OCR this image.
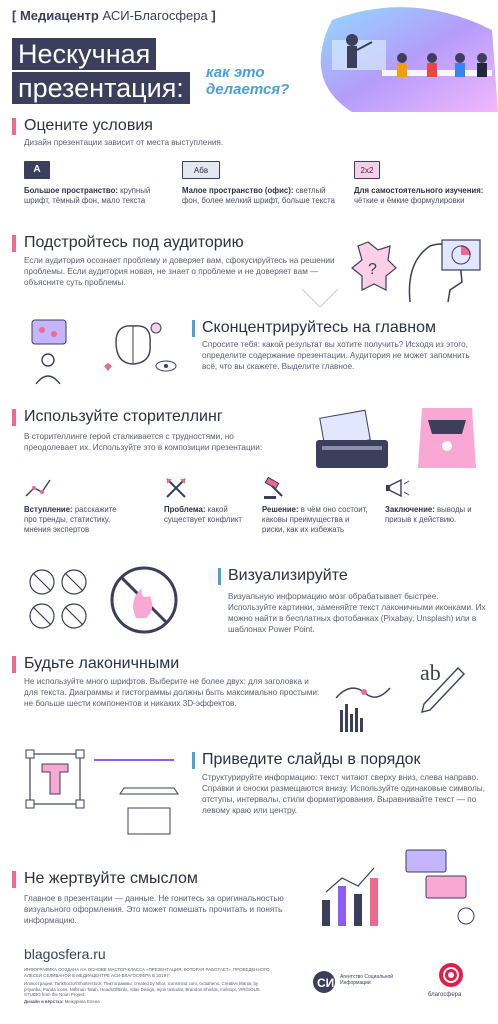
[ Медиацентр АСИ-Благосфера ]
Нескучная
презентация:
как это
делается?
Оцените условия
Дизайн презентации зависит от места выступления.
A
Большое пространство: крупный шрифт, тёмный фон, мало текста
Абв
Малое пространство (офис): светлый фон, более мелкий шрифт, больше текста
2x2
Для самостоятельного изучения: чёткие и ёмкие формулировки
Подстройтесь под аудиторию
Если аудитория осознает проблему и доверяет вам, сфокусируйтесь на решении проблемы. Если аудитория новая, не знает о проблеме и не доверяет вам — объясните суть проблемы.
?
Сконцентрируйтесь на главном
Спросите тебя: какой результат вы хотите получить? Исходя из этого, определите содержание презентации. Аудитория не может запомнить всё, что вы скажете. Выделите главное.
Используйте сторителлинг
В сторителлинге герой сталкивается с трудностями, но преодолевает их. Используйте это в композиции презентации:
Вступление: расскажите про тренды, статистику, мнения экспертов
Проблема: какой существует конфликт
Решение: в чём оно состоит, каковы преимущества и риски, как их избежать
Заключение: выводы и призыв к действию.
Визуализируйте
Визуальную информацию мозг обрабатывает быстрее. Используйте картинки, заменяйте текст лаконичными иконками. Их можно найти в бесплатных фотобанках (Pixabay, Unsplash) или в шаблонах Power Point.
Будьте лаконичными
Не используйте много шрифтов. Выберите не более двух: для заголовка и для текста. Диаграммы и гистограммы должны быть максимально простыми: не больше шести компонентов и никаких 3D-эффектов.
ab
Приведите слайды в порядок
Структурируйте информацию: текст читают сверху вниз, слева направо. Справки и сноски размещаются внизу. Используйте одинаковые символы, отступы, интервалы, стили форматирования. Выравнивайте текст — по левому краю или центру.
Не жертвуйте смыслом
Главное в презентации — данные. Не гонитесь за оригинальностью визуального оформления. Это может помешать прочитать и понять информацию.
blagosfera.ru
ИНФОГРАФИКА СОЗДАНА НА ОСНОВЕ МАСТЕР-КЛАССА «ПРЕЗЕНТАЦИЯ, КОТОРАЯ РАБОТАЕТ», ПРОВЕДЕННОГО АЛЕСЕЙ СЕЛИВАНОЙ В МЕДИАЦЕНТРЕ АСИ-БЛАГОСФЕРА В 2019 Г.
Иллюстрации: Tarikhoctor/Shutterstock. Пиктограммы: created by Nhor, iconsmind.com, cictiaheno, Creative Mania, by priyanka, Panda icons, Nithinan Tatah, HeadsOfBirds, Atlas Design, Iejon tastudar, Brandon Shields, !nektop!, VIRGIOUS STUDIO from the Noun Project.
Дизайн и вёрстка: Межурина Елена
СИ Агентство Социальной Информации
благосфера
